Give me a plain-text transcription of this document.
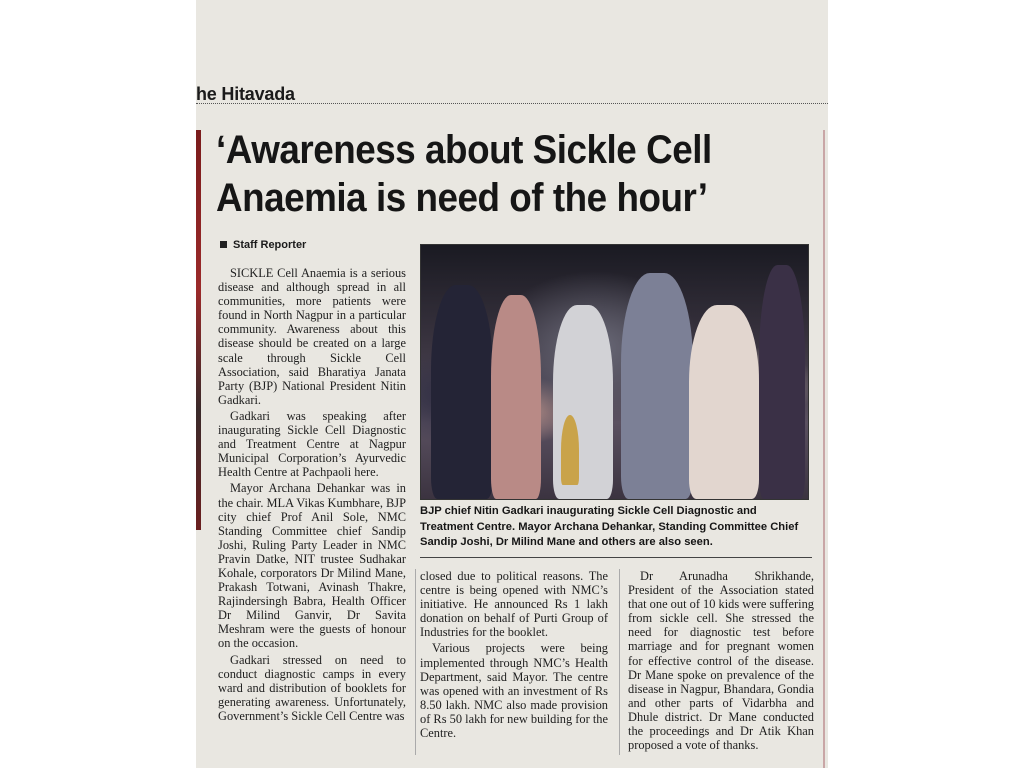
he Hitavada
‘Awareness about Sickle Cell
Anaemia is need of the hour’
Staff Reporter

SICKLE Cell Anaemia is a serious disease and although spread in all communities, more patients were found in North Nagpur in a particular community. Awareness about this disease should be created on a large scale through Sickle Cell Association, said Bharatiya Janata Party (BJP) National President Nitin Gadkari.

Gadkari was speaking after inaugurating Sickle Cell Diagnostic and Treatment Centre at Nagpur Municipal Corporation’s Ayurvedic Health Centre at Pachpaoli here.

Mayor Archana Dehankar was in the chair. MLA Vikas Kumbhare, BJP city chief Prof Anil Sole, NMC Standing Committee chief Sandip Joshi, Ruling Party Leader in NMC Pravin Datke, NIT trustee Sudhakar Kohale, corporators Dr Milind Mane, Prakash Totwani, Avinash Thakre, Rajindersingh Babra, Health Officer Dr Milind Ganvir, Dr Savita Meshram were the guests of honour on the occasion.

Gadkari stressed on need to conduct diagnostic camps in every ward and distribution of booklets for generating awareness. Unfortunately, Government’s Sickle Cell Centre was

BJP chief Nitin Gadkari inaugurating Sickle Cell Diagnostic and Treatment Centre. Mayor Archana Dehankar, Standing Committee Chief Sandip Joshi, Dr Milind Mane and others are also seen.

closed due to political reasons. The centre is being opened with NMC’s initiative. He announced Rs 1 lakh donation on behalf of Purti Group of Industries for the booklet.

Various projects were being implemented through NMC’s Health Department, said Mayor. The centre was opened with an investment of Rs 8.50 lakh. NMC also made provision of Rs 50 lakh for new building for the Centre.

Dr Arunadha Shrikhande, President of the Association stated that one out of 10 kids were suffering from sickle cell. She stressed the need for diagnostic test before marriage and for pregnant women for effective control of the disease. Dr Mane spoke on prevalence of the disease in Nagpur, Bhandara, Gondia and other parts of Vidarbha and Dhule district. Dr Mane conducted the proceedings and Dr Atik Khan proposed a vote of thanks.
